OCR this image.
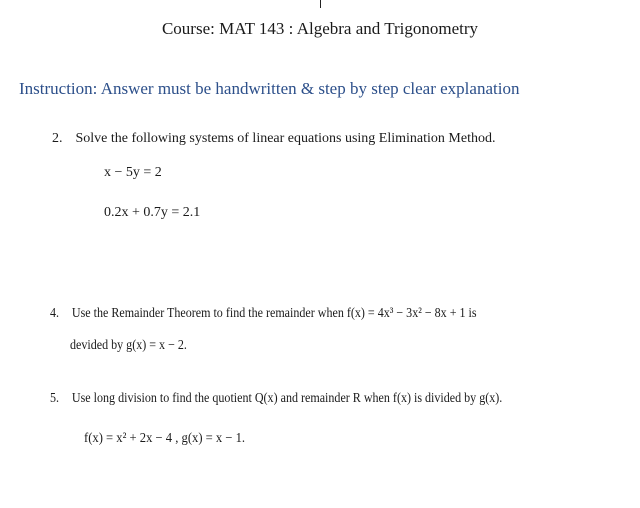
Course: MAT 143 : Algebra and Trigonometry
Instruction: Answer must be handwritten & step by step clear explanation
2. Solve the following systems of linear equations using Elimination Method.
x − 5y = 2
0.2x + 0.7y = 2.1
4. Use the Remainder Theorem to find the remainder when f(x) = 4x³ − 3x² − 8x + 1 is
devided by g(x) = x − 2.
5. Use long division to find the quotient Q(x) and remainder R when f(x) is divided by g(x).
f(x) = x² + 2x − 4 , g(x) = x − 1.
